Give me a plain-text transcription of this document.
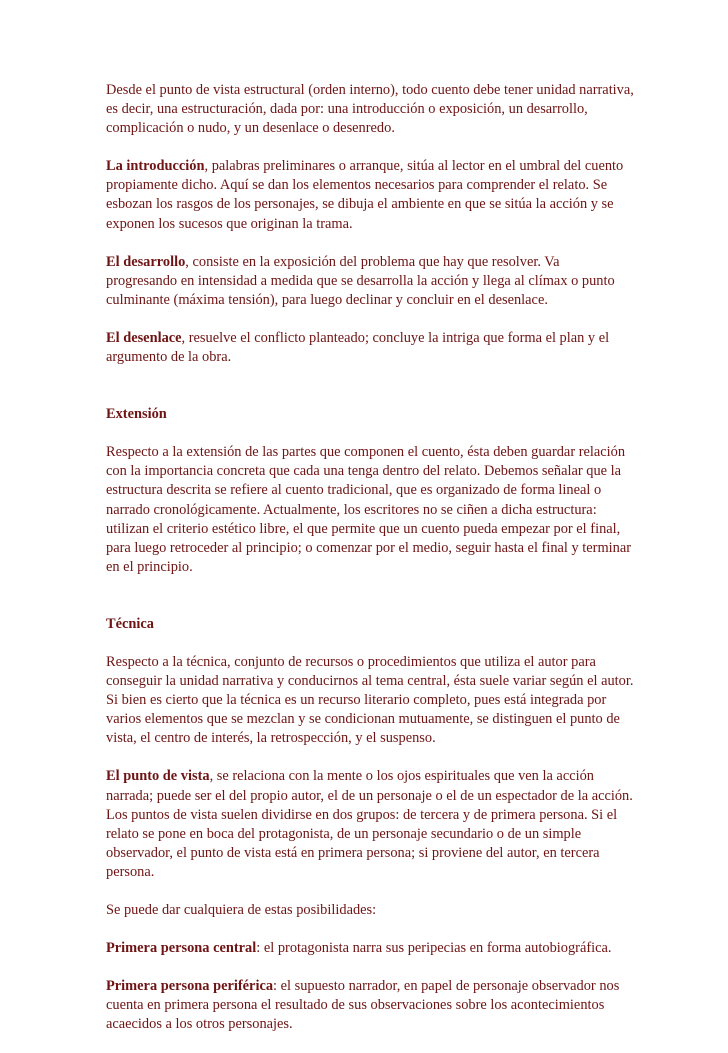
Desde el punto de vista estructural (orden interno), todo cuento debe tener unidad narrativa, es decir, una estructuración, dada por: una introducción o exposición, un desarrollo, complicación o nudo, y un desenlace o desenredo.

La introducción, palabras preliminares o arranque, sitúa al lector en el umbral del cuento propiamente dicho. Aquí se dan los elementos necesarios para comprender el relato. Se esbozan los rasgos de los personajes, se dibuja el ambiente en que se sitúa la acción y se exponen los sucesos que originan la trama.

El desarrollo, consiste en la exposición del problema que hay que resolver. Va progresando en intensidad a medida que se desarrolla la acción y llega al clímax o punto culminante (máxima tensión), para luego declinar y concluir en el desenlace.

El desenlace, resuelve el conflicto planteado; concluye la intriga que forma el plan y el argumento de la obra.

Extensión

Respecto a la extensión de las partes que componen el cuento, ésta deben guardar relación con la importancia concreta que cada una tenga dentro del relato. Debemos señalar que la estructura descrita se refiere al cuento tradicional, que es organizado de forma lineal o narrado cronológicamente. Actualmente, los escritores no se ciñen a dicha estructura: utilizan el criterio estético libre, el que permite que un cuento pueda empezar por el final, para luego retroceder al principio; o comenzar por el medio, seguir hasta el final y terminar en el principio.

Técnica

Respecto a la técnica, conjunto de recursos o procedimientos que utiliza el autor para conseguir la unidad narrativa y conducirnos al tema central, ésta suele variar según el autor. Si bien es cierto que la técnica es un recurso literario completo, pues está integrada por varios elementos que se mezclan y se condicionan mutuamente, se distinguen el punto de vista, el centro de interés, la retrospección, y el suspenso.

El punto de vista, se relaciona con la mente o los ojos espirituales que ven la acción narrada; puede ser el del propio autor, el de un personaje o el de un espectador de la acción. Los puntos de vista suelen dividirse en dos grupos: de tercera y de primera persona. Si el relato se pone en boca del protagonista, de un personaje secundario o de un simple observador, el punto de vista está en primera persona; si proviene del autor, en tercera persona.

Se puede dar cualquiera de estas posibilidades:

Primera persona central: el protagonista narra sus peripecias en forma autobiográfica.

Primera persona periférica: el supuesto narrador, en papel de personaje observador nos cuenta en primera persona el resultado de sus observaciones sobre los acontecimientos acaecidos a los otros personajes.
